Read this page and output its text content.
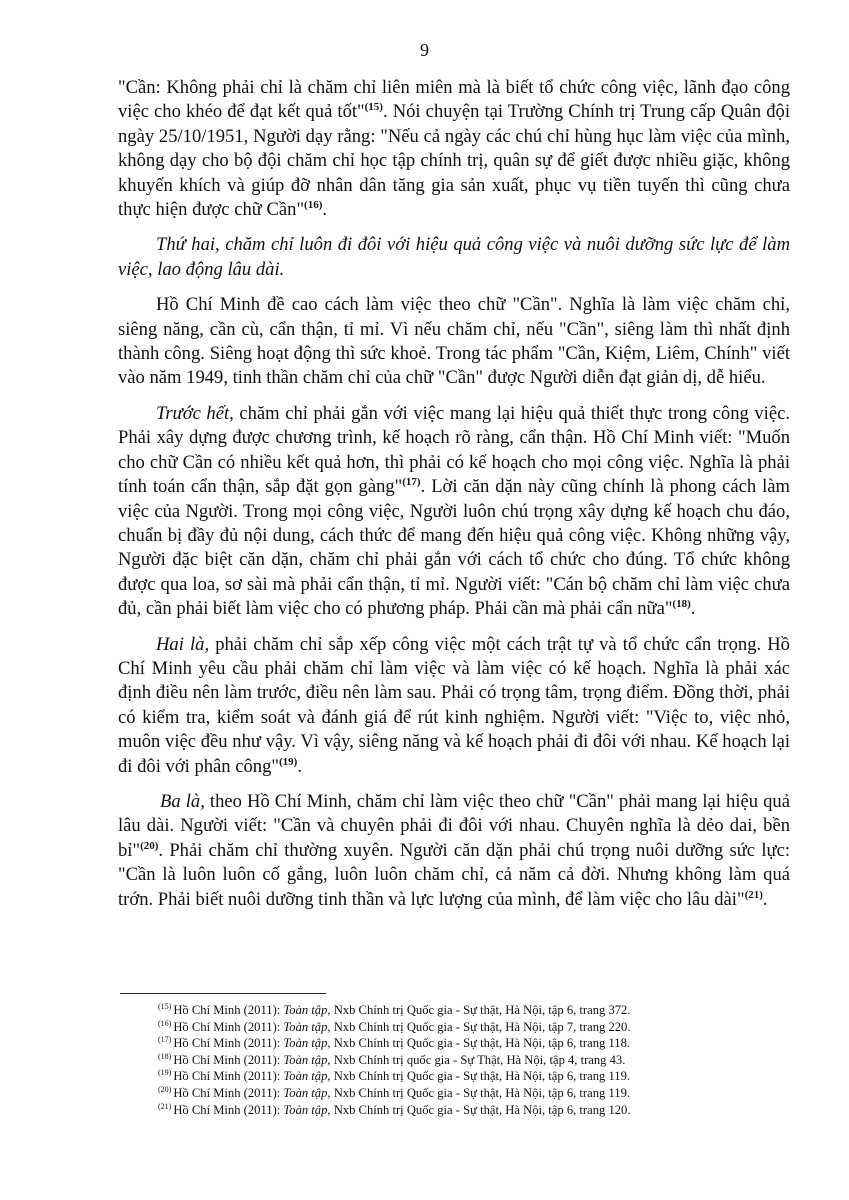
9

"Cần: Không phải chỉ là chăm chỉ liên miên mà là biết tổ chức công việc, lãnh đạo công việc cho khéo để đạt kết quả tốt"$^{(15)}$. Nói chuyện tại Trường Chính trị Trung cấp Quân đội ngày 25/10/1951, Người dạy rằng: "Nếu cả ngày các chú chỉ hùng hục làm việc của mình, không dạy cho bộ đội chăm chỉ học tập chính trị, quân sự để giết được nhiều giặc, không khuyến khích và giúp đỡ nhân dân tăng gia sản xuất, phục vụ tiền tuyến thì cũng chưa thực hiện được chữ Cần"$^{(16)}$.

Thứ hai, chăm chỉ luôn đi đôi với hiệu quả công việc và nuôi dưỡng sức lực để làm việc, lao động lâu dài.

Hồ Chí Minh đề cao cách làm việc theo chữ "Cần". Nghĩa là làm việc chăm chỉ, siêng năng, cần cù, cẩn thận, tỉ mỉ. Vì nếu chăm chỉ, nếu "Cần", siêng làm thì nhất định thành công. Siêng hoạt động thì sức khoẻ. Trong tác phẩm "Cần, Kiệm, Liêm, Chính" viết vào năm 1949, tinh thần chăm chỉ của chữ "Cần" được Người diễn đạt giản dị, dễ hiểu.

Trước hết, chăm chỉ phải gắn với việc mang lại hiệu quả thiết thực trong công việc. Phải xây dựng được chương trình, kế hoạch rõ ràng, cẩn thận. Hồ Chí Minh viết: "Muốn cho chữ Cần có nhiều kết quả hơn, thì phải có kế hoạch cho mọi công việc. Nghĩa là phải tính toán cẩn thận, sắp đặt gọn gàng"$^{(17)}$. Lời căn dặn này cũng chính là phong cách làm việc của Người. Trong mọi công việc, Người luôn chú trọng xây dựng kế hoạch chu đáo, chuẩn bị đầy đủ nội dung, cách thức để mang đến hiệu quả công việc. Không những vậy, Người đặc biệt căn dặn, chăm chỉ phải gắn với cách tổ chức cho đúng. Tổ chức không được qua loa, sơ sài mà phải cẩn thận, tỉ mỉ. Người viết: "Cán bộ chăm chỉ làm việc chưa đủ, cần phải biết làm việc cho có phương pháp. Phải cần mà phải cẩn nữa"$^{(18)}$.

Hai là, phải chăm chỉ sắp xếp công việc một cách trật tự và tổ chức cẩn trọng. Hồ Chí Minh yêu cầu phải chăm chỉ làm việc và làm việc có kế hoạch. Nghĩa là phải xác định điều nên làm trước, điều nên làm sau. Phải có trọng tâm, trọng điểm. Đồng thời, phải có kiểm tra, kiểm soát và đánh giá để rút kinh nghiệm. Người viết: "Việc to, việc nhỏ, muôn việc đều như vậy. Vì vậy, siêng năng và kế hoạch phải đi đôi với nhau. Kế hoạch lại đi đôi với phân công"$^{(19)}$.

Ba là, theo Hồ Chí Minh, chăm chỉ làm việc theo chữ "Cần" phải mang lại hiệu quả lâu dài. Người viết: "Cần và chuyên phải đi đôi với nhau. Chuyên nghĩa là dẻo dai, bền bỉ"$^{(20)}$. Phải chăm chỉ thường xuyên. Người căn dặn phải chú trọng nuôi dưỡng sức lực: "Cần là luôn luôn cố gắng, luôn luôn chăm chỉ, cả năm cả đời. Nhưng không làm quá trớn. Phải biết nuôi dưỡng tinh thần và lực lượng của mình, để làm việc cho lâu dài"$^{(21)}$.

$^{(15)}$ Hồ Chí Minh (2011): Toàn tập, Nxb Chính trị Quốc gia - Sự thật, Hà Nội, tập 6, trang 372.
$^{(16)}$ Hồ Chí Minh (2011): Toàn tập, Nxb Chính trị Quốc gia - Sự thật, Hà Nội, tập 7, trang 220.
$^{(17)}$ Hồ Chí Minh (2011): Toàn tập, Nxb Chính trị Quốc gia - Sự thật, Hà Nội, tập 6, trang 118.
$^{(18)}$ Hồ Chí Minh (2011): Toàn tập, Nxb Chính trị quốc gia - Sự Thật, Hà Nội, tập 4, trang 43.
$^{(19)}$ Hồ Chí Minh (2011): Toàn tập, Nxb Chính trị Quốc gia - Sự thật, Hà Nội, tập 6, trang 119.
$^{(20)}$ Hồ Chí Minh (2011): Toàn tập, Nxb Chính trị Quốc gia - Sự thật, Hà Nội, tập 6, trang 119.
$^{(21)}$ Hồ Chí Minh (2011): Toàn tập, Nxb Chính trị Quốc gia - Sự thật, Hà Nội, tập 6, trang 120.
